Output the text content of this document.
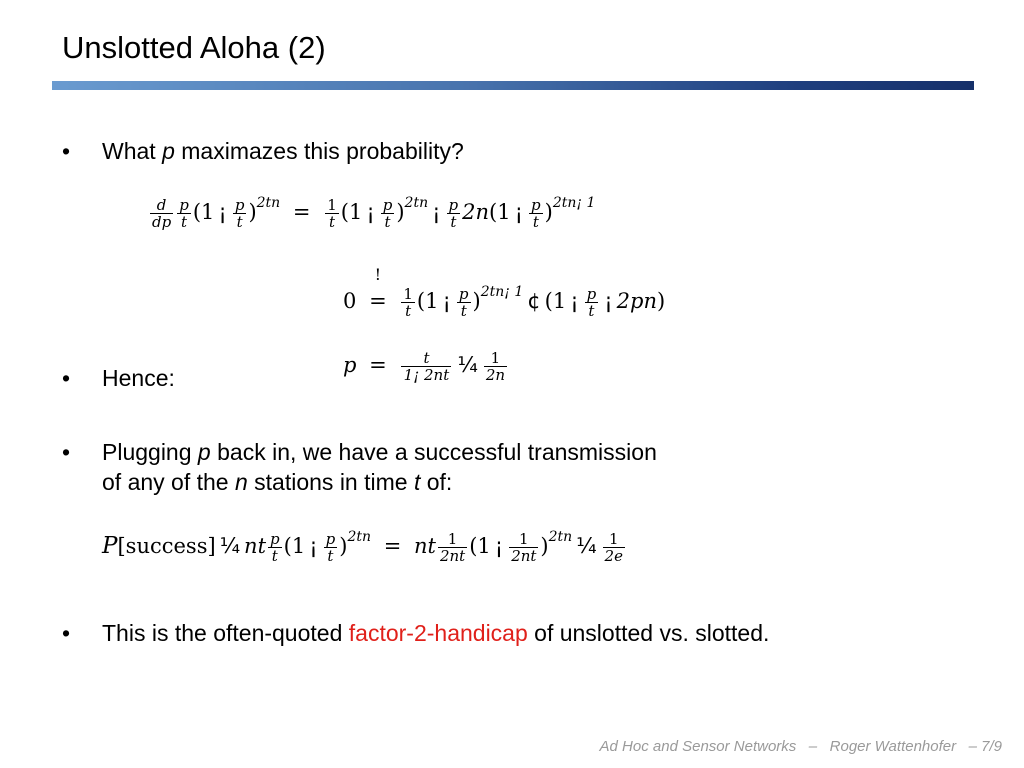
Unslotted Aloha (2)
• What p maximazes this probability?
$\frac{d}{dp} \frac{p}{t} (1$ ¡ $\frac{p}{t} )^{2tn} = \frac{1}{t} (1$ ¡ $\frac{p}{t} )^{2tn}$ ¡ $\frac{p}{t} 2n(1$ ¡ $\frac{p}{t} )^{2tn¡ 1}$
0
!
= $\frac{1}{t} (1$ ¡ $\frac{p}{t} )^{2tn¡ 1}$ ¢ (1 ¡ $\frac{p}{t}$ ¡ 2pn)
• Hence:	$p = \frac{t}{1¡ 2nt}$ ¼ $\frac{1}{2n}$
• Plugging p back in, we have a successful transmission
of any of the n stations in time t of:
P[success] ¼ nt $\frac{p}{t} (1$ ¡ $\frac{p}{t} )^{2tn}$ = nt $\frac{1}{2nt} (1$ ¡ $\frac{1}{2nt} )^{2tn}$ ¼ $\frac{1}{2e}$
• This is the often-quoted factor-2-handicap of unslotted vs. slotted.
Ad Hoc and Sensor Networks   –   Roger Wattenhofer   – 7/9
